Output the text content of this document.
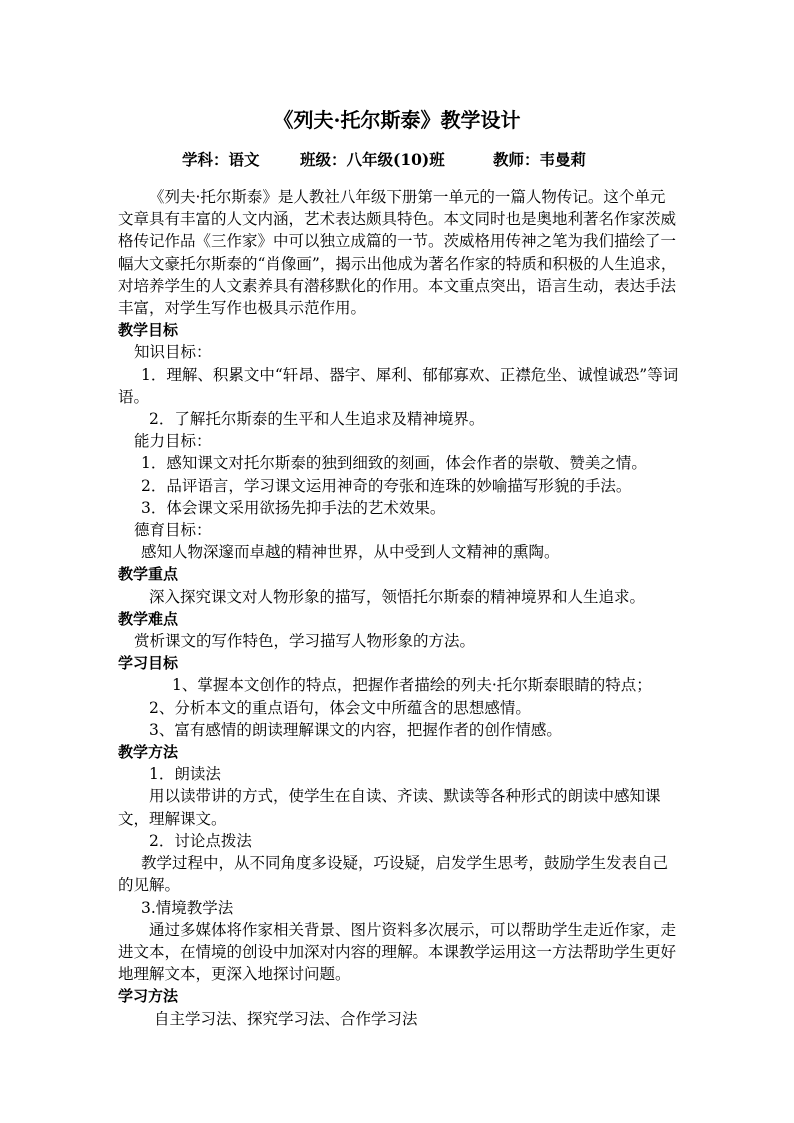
《列夫·托尔斯泰》教学设计
学科：语文	班级：八年级(10)班	教师：韦曼莉

《列夫·托尔斯泰》是人教社八年级下册第一单元的一篇人物传记。这个单元文章具有丰富的人文内涵，艺术表达颇具特色。本文同时也是奥地利著名作家茨威格传记作品《三作家》中可以独立成篇的一节。茨威格用传神之笔为我们描绘了一幅大文豪托尔斯泰的“肖像画”，揭示出他成为著名作家的特质和积极的人生追求，对培养学生的人文素养具有潜移默化的作用。本文重点突出，语言生动，表达手法丰富，对学生写作也极具示范作用。

教学目标

知识目标：

1．理解、积累文中“轩昂、器宇、犀利、郁郁寡欢、正襟危坐、诚惶诚恐”等词语。

2．了解托尔斯泰的生平和人生追求及精神境界。

能力目标：

1．感知课文对托尔斯泰的独到细致的刻画，体会作者的崇敬、赞美之情。

2．品评语言，学习课文运用神奇的夸张和连珠的妙喻描写形貌的手法。

3．体会课文采用欲扬先抑手法的艺术效果。

德育目标：

感知人物深邃而卓越的精神世界，从中受到人文精神的熏陶。

教学重点

深入探究课文对人物形象的描写，领悟托尔斯泰的精神境界和人生追求。

教学难点

赏析课文的写作特色，学习描写人物形象的方法。

学习目标

1、掌握本文创作的特点，把握作者描绘的列夫·托尔斯泰眼睛的特点；

2、分析本文的重点语句，体会文中所蕴含的思想感情。

3、富有感情的朗读理解课文的内容，把握作者的创作情感。

教学方法

1．朗读法

用以读带讲的方式，使学生在自读、齐读、默读等各种形式的朗读中感知课文，理解课文。

2．讨论点拨法

教学过程中，从不同角度多设疑，巧设疑，启发学生思考，鼓励学生发表自己的见解。

3.情境教学法

通过多媒体将作家相关背景、图片资料多次展示，可以帮助学生走近作家，走进文本，在情境的创设中加深对内容的理解。本课教学运用这一方法帮助学生更好地理解文本，更深入地探讨问题。

学习方法

自主学习法、探究学习法、合作学习法
